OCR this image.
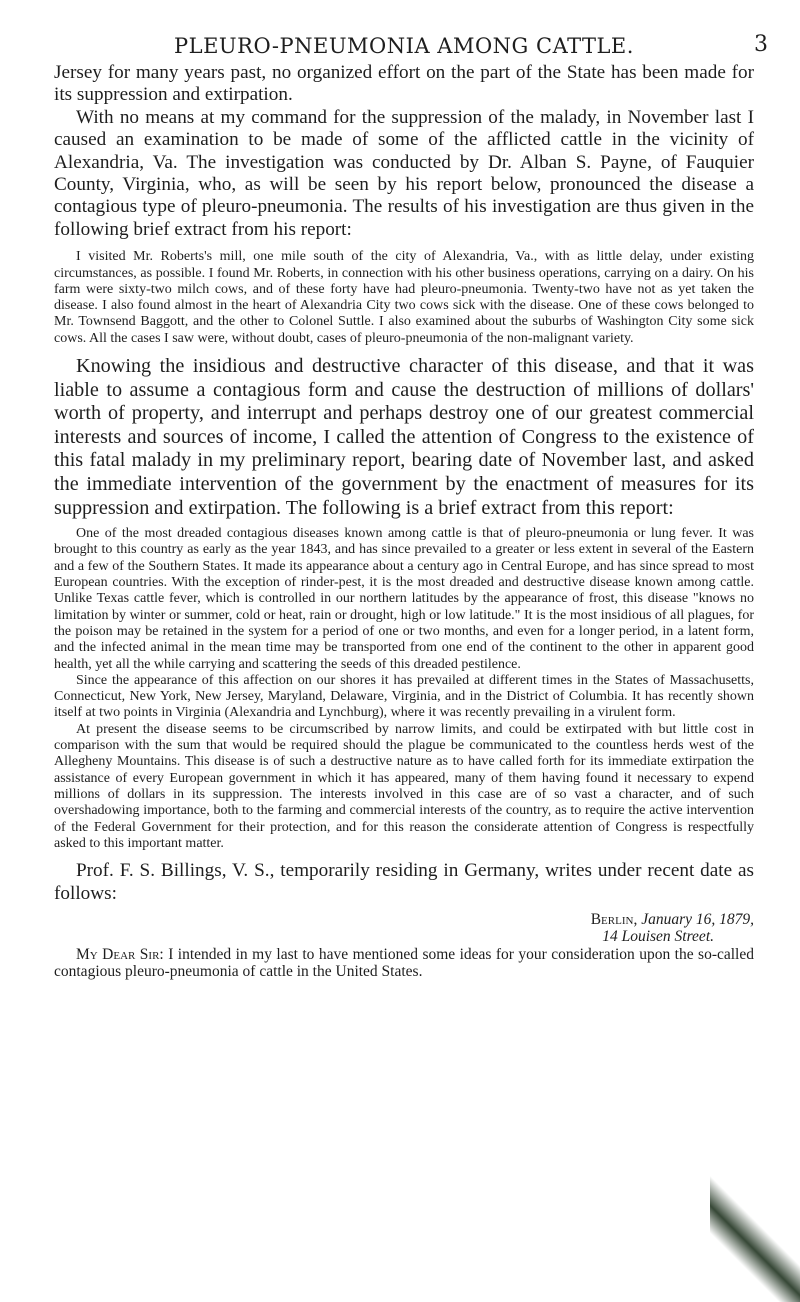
PLEURO-PNEUMONIA AMONG CATTLE.	3

Jersey for many years past, no organized effort on the part of the State has been made for its suppression and extirpation.

With no means at my command for the suppression of the malady, in November last I caused an examination to be made of some of the afflicted cattle in the vicinity of Alexandria, Va. The investigation was conducted by Dr. Alban S. Payne, of Fauquier County, Virginia, who, as will be seen by his report below, pronounced the disease a contagious type of pleuro-pneumonia. The results of his investigation are thus given in the following brief extract from his report:

I visited Mr. Roberts's mill, one mile south of the city of Alexandria, Va., with as little delay, under existing circumstances, as possible. I found Mr. Roberts, in connection with his other business operations, carrying on a dairy. On his farm were sixty-two milch cows, and of these forty have had pleuro-pneumonia. Twenty-two have not as yet taken the disease. I also found almost in the heart of Alexandria City two cows sick with the disease. One of these cows belonged to Mr. Townsend Baggott, and the other to Colonel Suttle. I also examined about the suburbs of Washington City some sick cows. All the cases I saw were, without doubt, cases of pleuro-pneumonia of the non-malignant variety.

Knowing the insidious and destructive character of this disease, and that it was liable to assume a contagious form and cause the destruction of millions of dollars' worth of property, and interrupt and perhaps destroy one of our greatest commercial interests and sources of income, I called the attention of Congress to the existence of this fatal malady in my preliminary report, bearing date of November last, and asked the immediate intervention of the government by the enactment of measures for its suppression and extirpation. The following is a brief extract from this report:

One of the most dreaded contagious diseases known among cattle is that of pleuro-pneumonia or lung fever. It was brought to this country as early as the year 1843, and has since prevailed to a greater or less extent in several of the Eastern and a few of the Southern States. It made its appearance about a century ago in Central Europe, and has since spread to most European countries. With the exception of rinder-pest, it is the most dreaded and destructive disease known among cattle. Unlike Texas cattle fever, which is controlled in our northern latitudes by the appearance of frost, this disease "knows no limitation by winter or summer, cold or heat, rain or drought, high or low latitude." It is the most insidious of all plagues, for the poison may be retained in the system for a period of one or two months, and even for a longer period, in a latent form, and the infected animal in the mean time may be transported from one end of the continent to the other in apparent good health, yet all the while carrying and scattering the seeds of this dreaded pestilence.

Since the appearance of this affection on our shores it has prevailed at different times in the States of Massachusetts, Connecticut, New York, New Jersey, Maryland, Delaware, Virginia, and in the District of Columbia. It has recently shown itself at two points in Virginia (Alexandria and Lynchburg), where it was recently prevailing in a virulent form.

At present the disease seems to be circumscribed by narrow limits, and could be extirpated with but little cost in comparison with the sum that would be required should the plague be communicated to the countless herds west of the Allegheny Mountains. This disease is of such a destructive nature as to have called forth for its immediate extirpation the assistance of every European government in which it has appeared, many of them having found it necessary to expend millions of dollars in its suppression. The interests involved in this case are of so vast a character, and of such overshadowing importance, both to the farming and commercial interests of the country, as to require the active intervention of the Federal Government for their protection, and for this reason the considerate attention of Congress is respectfully asked to this important matter.

Prof. F. S. Billings, V. S., temporarily residing in Germany, writes under recent date as follows:

Berlin, January 16, 1879,
14 Louisen Street.

My Dear Sir: I intended in my last to have mentioned some ideas for your consideration upon the so-called contagious pleuro-pneumonia of cattle in the United States.
